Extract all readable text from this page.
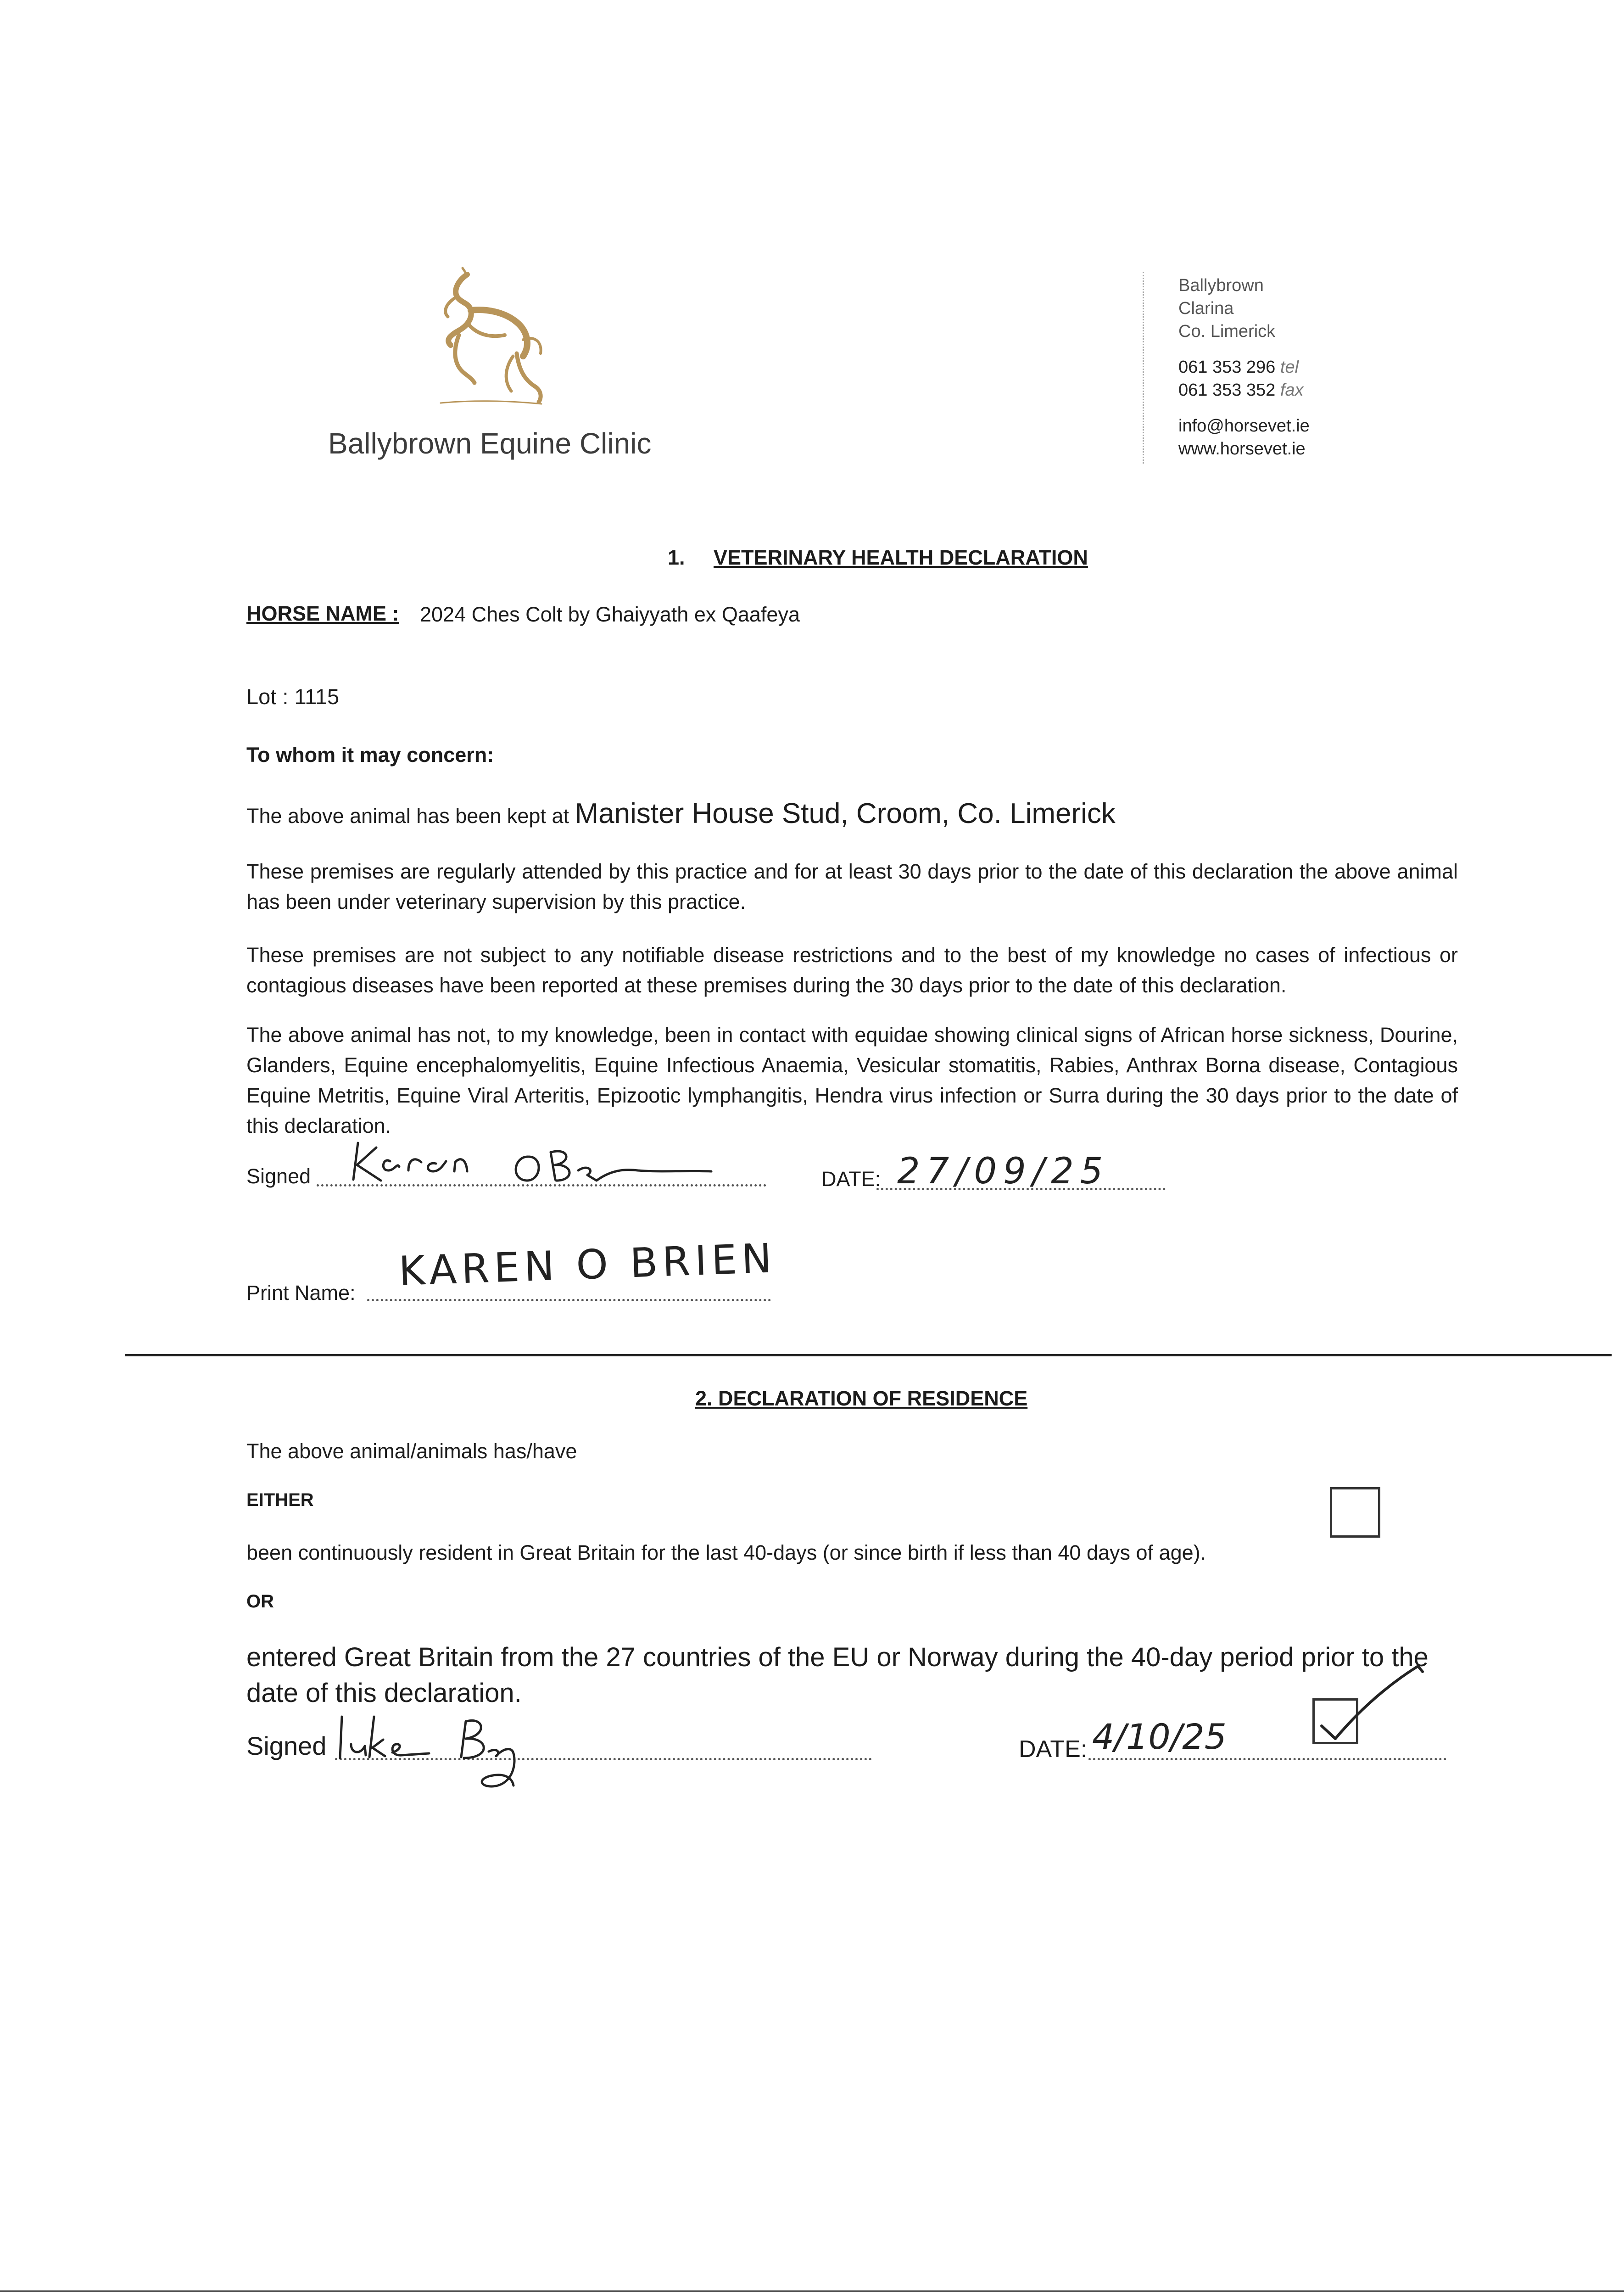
Ballybrown Equine Clinic
Ballybrown
Clarina
Co. Limerick
061 353 296 tel
061 353 352 fax
info@horsevet.ie
www.horsevet.ie
1. VETERINARY HEALTH DECLARATION
HORSE NAME : 2024 Ches Colt by Ghaiyyath ex Qaafeya
Lot : 1115
To whom it may concern:
The above animal has been kept at Manister House Stud, Croom, Co. Limerick
These premises are regularly attended by this practice and for at least 30 days prior to the date of this declaration the above animal has been under veterinary supervision by this practice.
These premises are not subject to any notifiable disease restrictions and to the best of my knowledge no cases of infectious or contagious diseases have been reported at these premises during the 30 days prior to the date of this declaration.
The above animal has not, to my knowledge, been in contact with equidae showing clinical signs of African horse sickness, Dourine, Glanders, Equine encephalomyelitis, Equine Infectious Anaemia, Vesicular stomatitis, Rabies, Anthrax Borna disease, Contagious Equine Metritis, Equine Viral Arteritis, Epizootic lymphangitis, Hendra virus infection or Surra during the 30 days prior to the date of this declaration.
Signed	DATE: 27/09/25
Print Name: KAREN O BRIEN
2. DECLARATION OF RESIDENCE
The above animal/animals has/have
EITHER
been continuously resident in Great Britain for the last 40-days (or since birth if less than 40 days of age).
OR
entered Great Britain from the 27 countries of the EU or Norway during the 40-day period prior to the date of this declaration.
Signed	DATE: 4/10/25
